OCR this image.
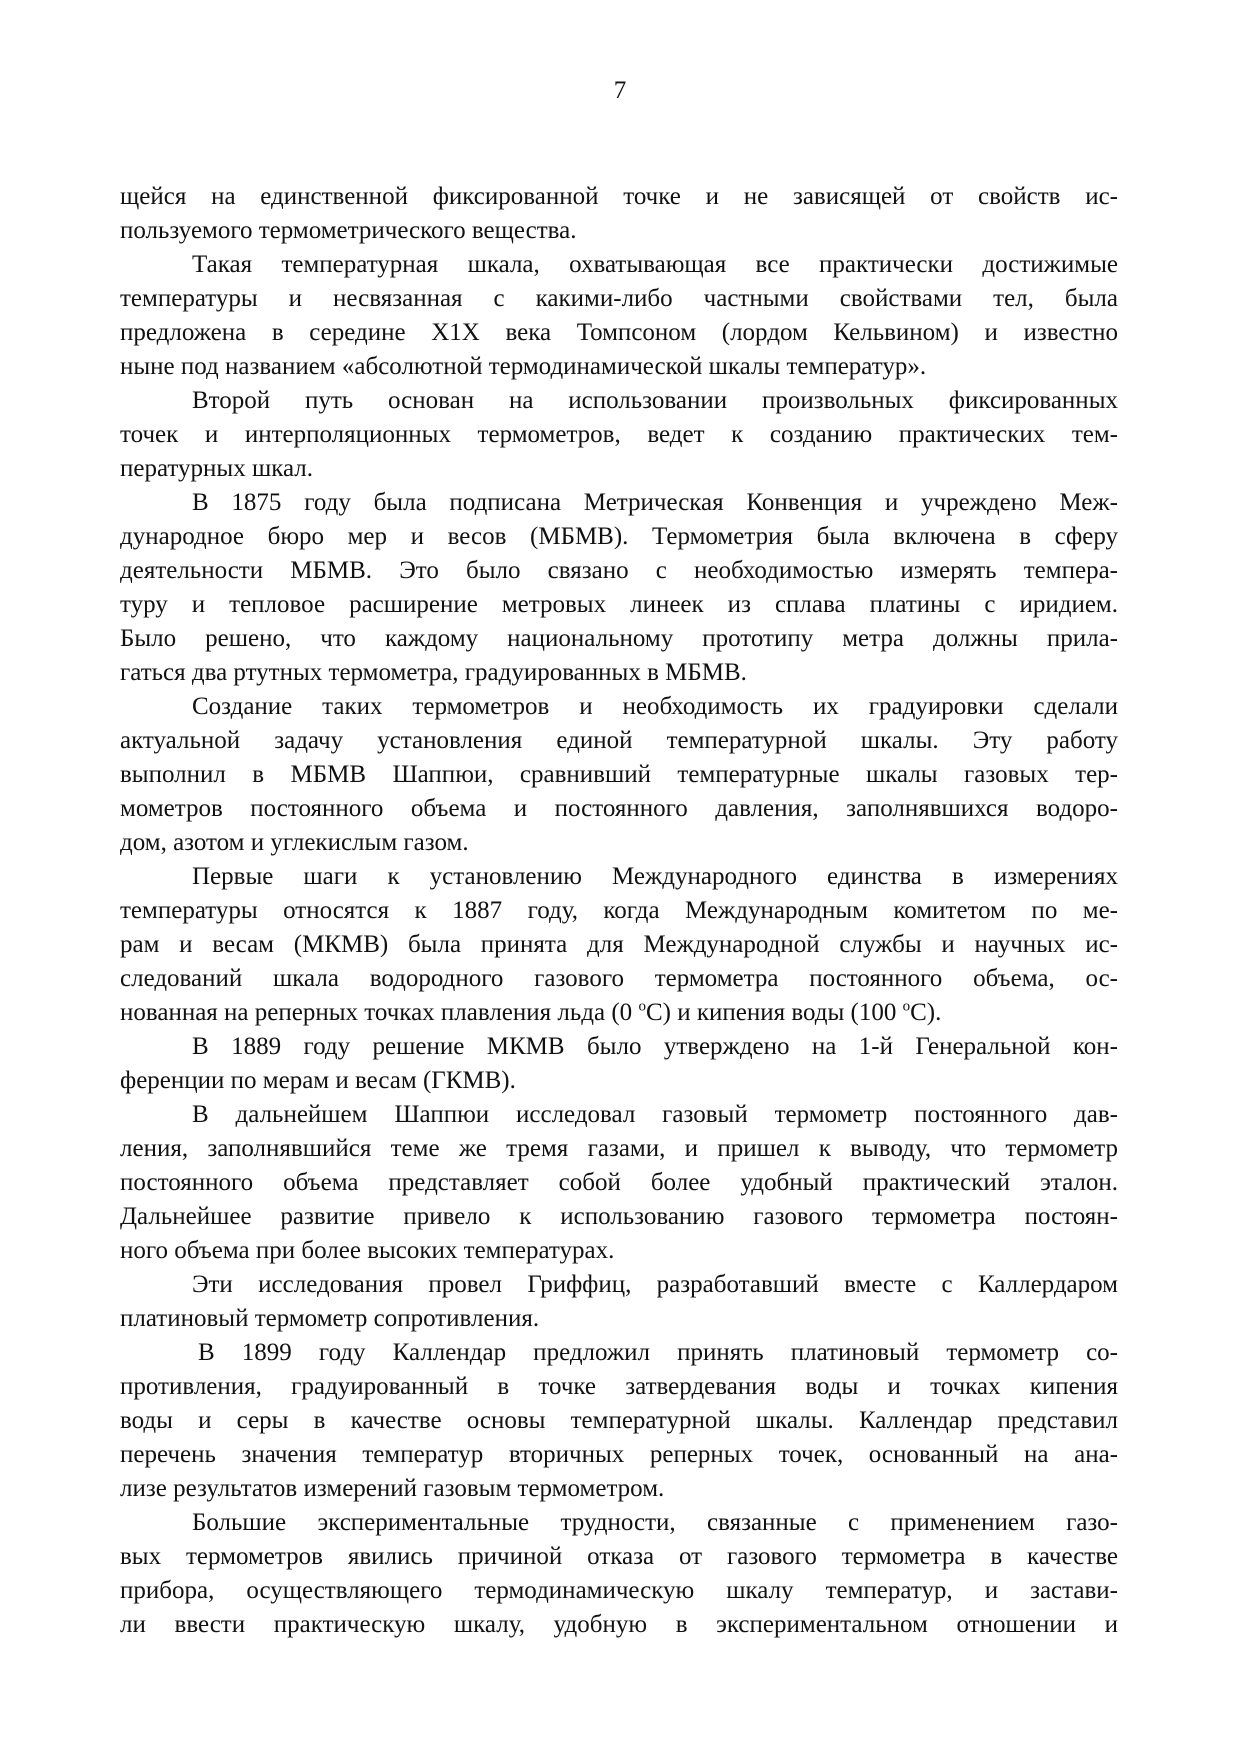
7
щейся на единственной фиксированной точке и не зависящей от свойств ис-
пользуемого термометрического вещества.
Такая температурная шкала, охватывающая все практически достижимые
температуры и несвязанная с какими-либо частными свойствами тел, была
предложена в середине Х1Х века Томпсоном (лордом Кельвином) и известно
ныне под названием «абсолютной термодинамической шкалы температур».
Второй путь основан на использовании произвольных фиксированных
точек и интерполяционных термометров, ведет к созданию практических тем-
пературных шкал.
В 1875 году была подписана Метрическая Конвенция и учреждено Меж-
дународное бюро мер и весов (МБМВ). Термометрия была включена в сферу
деятельности МБМВ. Это было связано с необходимостью измерять темпера-
туру и тепловое расширение метровых линеек из сплава платины с иридием.
Было решено, что каждому национальному прототипу метра должны прила-
гаться два ртутных термометра, градуированных в МБМВ.
Создание таких термометров и необходимость их градуировки сделали
актуальной задачу установления единой температурной шкалы. Эту работу
выполнил в МБМВ Шаппюи, сравнивший температурные шкалы газовых тер-
мометров постоянного объема и постоянного давления, заполнявшихся водоро-
дом, азотом и углекислым газом.
Первые шаги к установлению Международного единства в измерениях
температуры относятся к 1887 году, когда Международным комитетом по ме-
рам и весам (МКМВ) была принята для Международной службы и научных ис-
следований шкала водородного газового термометра постоянного объема, ос-
нованная на реперных точках плавления льда (0 $^o$С) и кипения воды (100 $^o$С).
В 1889 году решение МКМВ было утверждено на 1-й Генеральной кон-
ференции по мерам и весам (ГКМВ).
В дальнейшем Шаппюи исследовал газовый термометр постоянного дав-
ления, заполнявшийся теме же тремя газами, и пришел к выводу, что термометр
постоянного объема представляет собой более удобный практический эталон.
Дальнейшее развитие привело к использованию газового термометра постоян-
ного объема при более высоких температурах.
Эти исследования провел Гриффиц, разработавший вместе с Каллердаром
платиновый термометр сопротивления.
В 1899 году Каллендар предложил принять платиновый термометр со-
противления, градуированный в точке затвердевания воды и точках кипения
воды и серы в качестве основы температурной шкалы. Каллендар представил
перечень значения температур вторичных реперных точек, основанный на ана-
лизе результатов измерений газовым термометром.
Большие экспериментальные трудности, связанные с применением газо-
вых термометров явились причиной отказа от газового термометра в качестве
прибора, осуществляющего термодинамическую шкалу температур, и застави-
ли ввести практическую шкалу, удобную в экспериментальном отношении и
